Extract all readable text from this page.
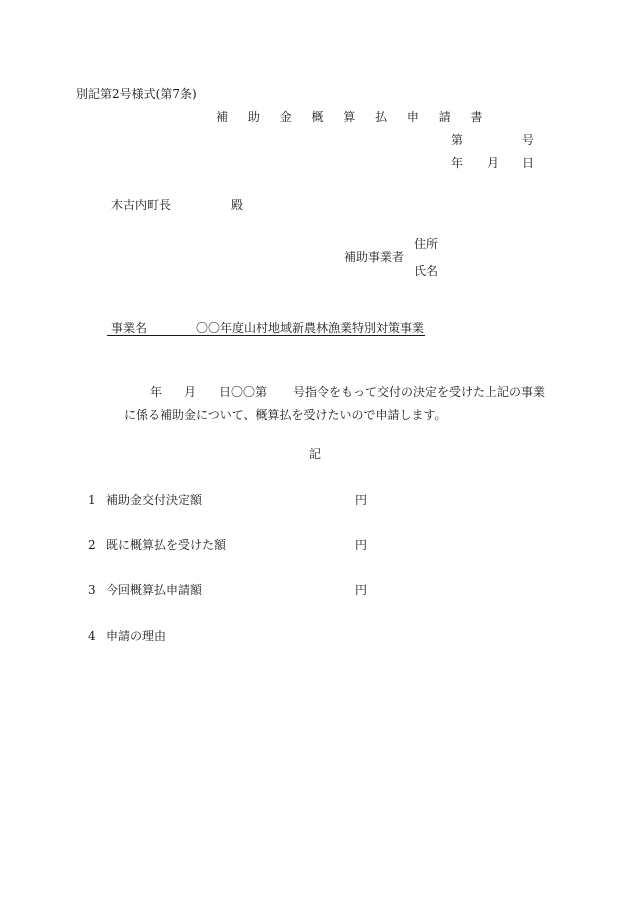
別記第2号様式(第7条)
補 助 金 概 算 払 申 請 書
第	号
年 月 日
木古内町長	殿
住所
補助事業者
氏名
事業名	〇〇年度山村地域新農林漁業特別対策事業
年 月 日〇〇第 号指令をもって交付の決定を受けた上記の事業
に係る補助金について、概算払を受けたいので申請します。
記
1 補助金交付決定額	円
2 既に概算払を受けた額	円
3 今回概算払申請額	円
4 申請の理由
